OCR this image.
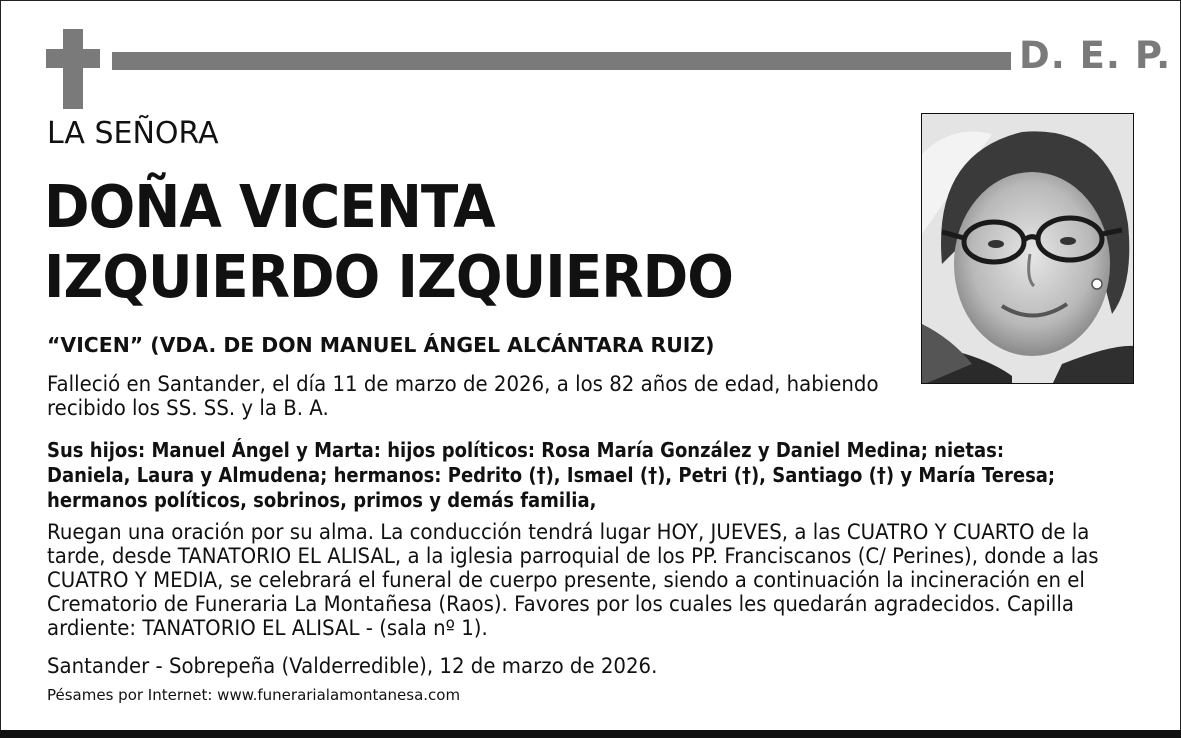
D. E. P.
LA SEÑORA
DOÑA VICENTA
IZQUIERDO IZQUIERDO
“VICEN” (VDA. DE DON MANUEL ÁNGEL ALCÁNTARA RUIZ)
Falleció en Santander, el día 11 de marzo de 2026, a los 82 años de edad, habiendo recibido los SS. SS. y la B. A.
Sus hijos: Manuel Ángel y Marta: hijos políticos: Rosa María González y Daniel Medina; nietas: Daniela, Laura y Almudena; hermanos: Pedrito (†), Ismael (†), Petri (†), Santiago (†) y María Teresa; hermanos políticos, sobrinos, primos y demás familia,
Ruegan una oración por su alma. La conducción tendrá lugar HOY, JUEVES, a las CUATRO Y CUARTO de la tarde, desde TANATORIO EL ALISAL, a la iglesia parroquial de los PP. Franciscanos (C/ Perines), donde a las CUATRO Y MEDIA, se celebrará el funeral de cuerpo presente, siendo a continuación la incineración en el Crematorio de Funeraria La Montañesa (Raos). Favores por los cuales les quedarán agradecidos. Capilla ardiente: TANATORIO EL ALISAL - (sala nº 1).
Santander - Sobrepeña (Valderredible), 12 de marzo de 2026.
Pésames por Internet: www.funerarialamontanesa.com
